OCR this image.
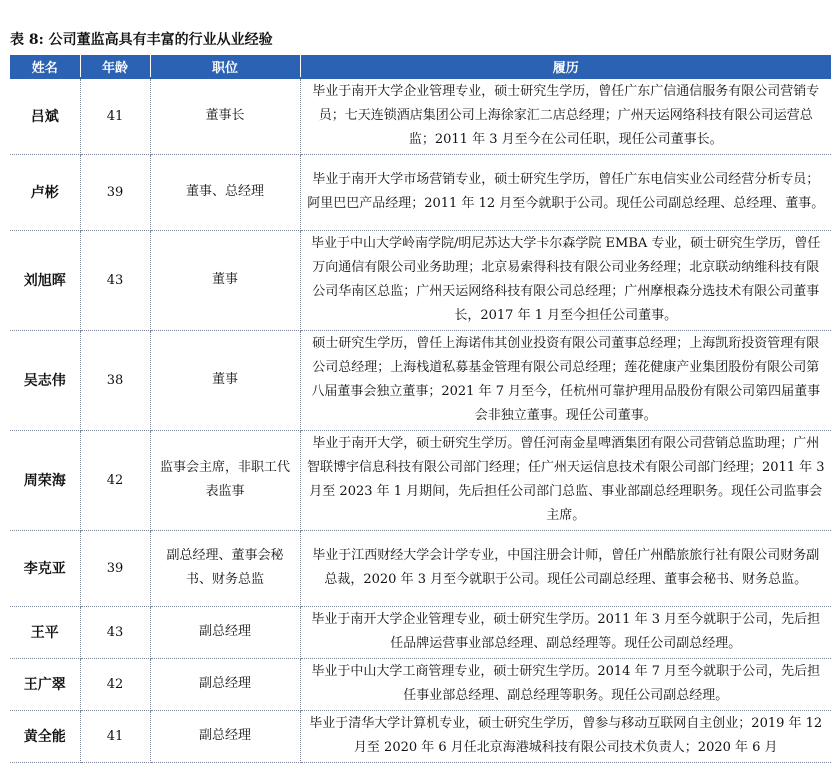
表 8: 公司董监高具有丰富的行业从业经验
姓名	年龄	职位	履历
吕斌	41	董事长	毕业于南开大学企业管理专业，硕士研究生学历，曾任广东广信通信服务有限公司营销专员；七天连锁酒店集团公司上海徐家汇二店总经理；广州天运网络科技有限公司运营总监；2011 年 3 月至今在公司任职，现任公司董事长。
卢彬	39	董事、总经理	毕业于南开大学市场营销专业，硕士研究生学历，曾任广东电信实业公司经营分析专员；阿里巴巴产品经理；2011 年 12 月至今就职于公司。现任公司副总经理、总经理、董事。
刘旭晖	43	董事	毕业于中山大学岭南学院/明尼苏达大学卡尔森学院 EMBA 专业，硕士研究生学历，曾任万向通信有限公司业务助理；北京易索得科技有限公司业务经理；北京联动纳维科技有限公司华南区总监；广州天运网络科技有限公司总经理；广州摩根森分选技术有限公司董事长，2017 年 1 月至今担任公司董事。
吴志伟	38	董事	硕士研究生学历，曾任上海诺伟其创业投资有限公司董事总经理；上海凯珩投资管理有限公司总经理；上海栈道私募基金管理有限公司总经理；莲花健康产业集团股份有限公司第八届董事会独立董事；2021 年 7 月至今，任杭州可靠护理用品股份有限公司第四届董事会非独立董事。现任公司董事。
周荣海	42	监事会主席，非职工代表监事	毕业于南开大学，硕士研究生学历。曾任河南金星啤酒集团有限公司营销总监助理；广州智联博宇信息科技有限公司部门经理；任广州天运信息技术有限公司部门经理；2011 年 3 月至 2023 年 1 月期间，先后担任公司部门总监、事业部副总经理职务。现任公司监事会主席。
李克亚	39	副总经理、董事会秘书、财务总监	毕业于江西财经大学会计学专业，中国注册会计师，曾任广州酷旅旅行社有限公司财务副总裁，2020 年 3 月至今就职于公司。现任公司副总经理、董事会秘书、财务总监。
王平	43	副总经理	毕业于南开大学企业管理专业，硕士研究生学历。2011 年 3 月至今就职于公司，先后担任品牌运营事业部总经理、副总经理等。现任公司副总经理。
王广翠	42	副总经理	毕业于中山大学工商管理专业，硕士研究生学历。2014 年 7 月至今就职于公司，先后担任事业部总经理、副总经理等职务。现任公司副总经理。
黄全能	41	副总经理	毕业于清华大学计算机专业，硕士研究生学历，曾参与移动互联网自主创业；2019 年 12 月至 2020 年 6 月任北京海港城科技有限公司技术负责人；2020 年 6 月
